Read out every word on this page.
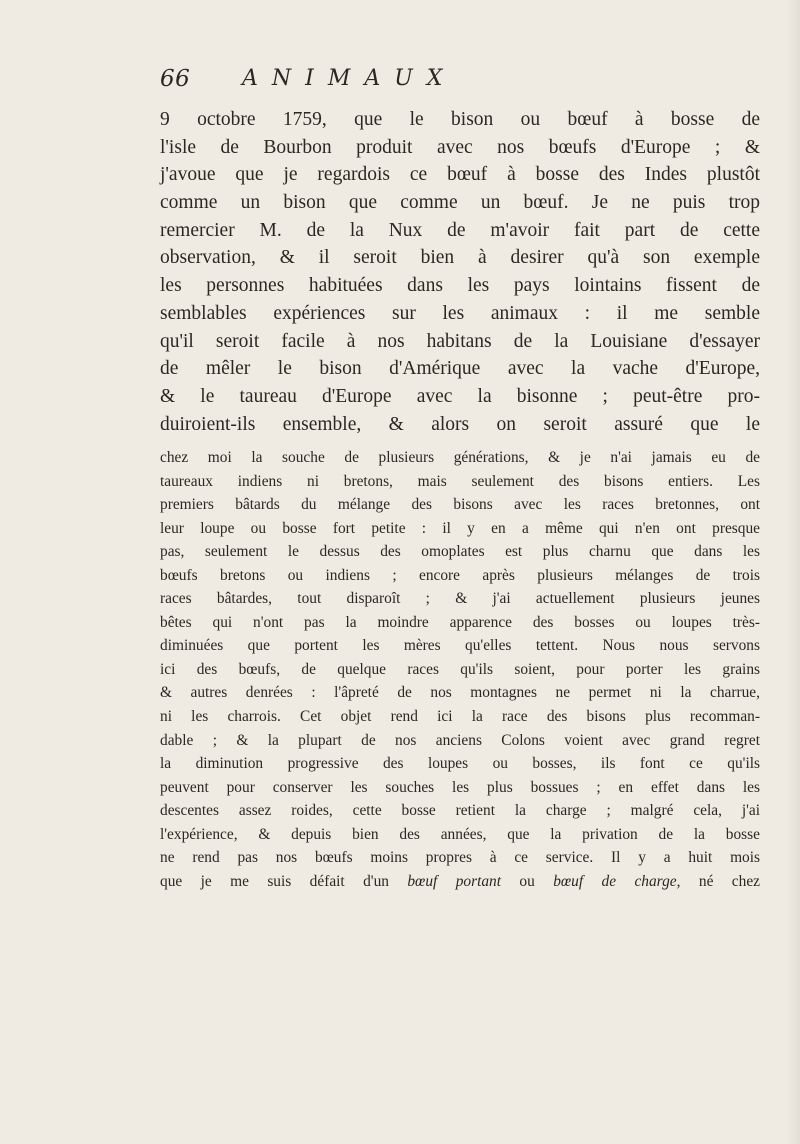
66 ANIMAUX
9 octobre 1759, que le bison ou bœuf à bosse de
l'isle de Bourbon produit avec nos bœufs d'Europe ; &
j'avoue que je regardois ce bœuf à bosse des Indes plustôt
comme un bison que comme un bœuf. Je ne puis trop
remercier M. de la Nux de m'avoir fait part de cette
observation, & il seroit bien à desirer qu'à son exemple
les personnes habituées dans les pays lointains fissent de
semblables expériences sur les animaux : il me semble
qu'il seroit facile à nos habitans de la Louisiane d'essayer
de mêler le bison d'Amérique avec la vache d'Europe,
& le taureau d'Europe avec la bisonne ; peut-être pro-
duiroient-ils ensemble, & alors on seroit assuré que le
chez moi la souche de plusieurs générations, & je n'ai jamais eu de
taureaux indiens ni bretons, mais seulement des bisons entiers. Les
premiers bâtards du mélange des bisons avec les races bretonnes, ont
leur loupe ou bosse fort petite : il y en a même qui n'en ont presque
pas, seulement le dessus des omoplates est plus charnu que dans les
bœufs bretons ou indiens ; encore après plusieurs mélanges de trois
races bâtardes, tout disparoît ; & j'ai actuellement plusieurs jeunes
bêtes qui n'ont pas la moindre apparence des bosses ou loupes très-
diminuées que portent les mères qu'elles tettent. Nous nous servons
ici des bœufs, de quelque races qu'ils soient, pour porter les grains
& autres denrées : l'âpreté de nos montagnes ne permet ni la charrue,
ni les charrois. Cet objet rend ici la race des bisons plus recomman-
dable ; & la plupart de nos anciens Colons voient avec grand regret
la diminution progressive des loupes ou bosses, ils font ce qu'ils
peuvent pour conserver les souches les plus bossues ; en effet dans les
descentes assez roides, cette bosse retient la charge ; malgré cela, j'ai
l'expérience, & depuis bien des années, que la privation de la bosse
ne rend pas nos bœufs moins propres à ce service. Il y a huit mois
que je me suis défait d'un bœuf portant ou bœuf de charge, né chez
